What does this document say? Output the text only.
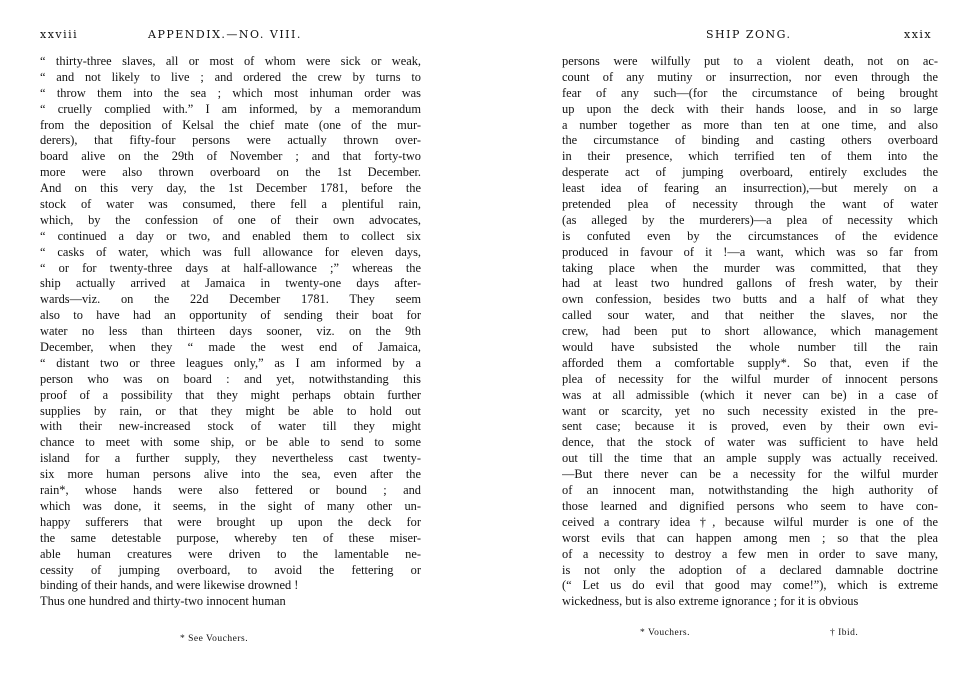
xxviii	APPENDIX.—NO. VIII.
“ thirty-three slaves, all or most of whom were sick or weak,
“ and not likely to live ; and ordered the crew by turns to
“ throw them into the sea ; which most inhuman order was
“ cruelly complied with.” I am informed, by a memorandum
from the deposition of Kelsal the chief mate (one of the mur-
derers), that fifty-four persons were actually thrown over-
board alive on the 29th of November ; and that forty-two
more were also thrown overboard on the 1st December.
And on this very day, the 1st December 1781, before the
stock of water was consumed, there fell a plentiful rain,
which, by the confession of one of their own advocates,
“ continued a day or two, and enabled them to collect six
“ casks of water, which was full allowance for eleven days,
“ or for twenty-three days at half-allowance ;” whereas the
ship actually arrived at Jamaica in twenty-one days after-
wards—viz. on the 22d December 1781. They seem
also to have had an opportunity of sending their boat for
water no less than thirteen days sooner, viz. on the 9th
December, when they “ made the west end of Jamaica,
“ distant two or three leagues only,” as I am informed by a
person who was on board : and yet, notwithstanding this
proof of a possibility that they might perhaps obtain further
supplies by rain, or that they might be able to hold out
with their new-increased stock of water till they might
chance to meet with some ship, or be able to send to some
island for a further supply, they nevertheless cast twenty-
six more human persons alive into the sea, even after the
rain*, whose hands were also fettered or bound ; and
which was done, it seems, in the sight of many other un-
happy sufferers that were brought up upon the deck for
the same detestable purpose, whereby ten of these miser-
able human creatures were driven to the lamentable ne-
cessity of jumping overboard, to avoid the fettering or
binding of their hands, and were likewise drowned !
Thus one hundred and thirty-two innocent human
* See Vouchers.
SHIP ZONG.	xxix
persons were wilfully put to a violent death, not on ac-
count of any mutiny or insurrection, nor even through the
fear of any such—(for the circumstance of being brought
up upon the deck with their hands loose, and in so large
a number together as more than ten at one time, and also
the circumstance of binding and casting others overboard
in their presence, which terrified ten of them into the
desperate act of jumping overboard, entirely excludes the
least idea of fearing an insurrection),—but merely on a
pretended plea of necessity through the want of water
(as alleged by the murderers)—a plea of necessity which
is confuted even by the circumstances of the evidence
produced in favour of it !—a want, which was so far from
taking place when the murder was committed, that they
had at least two hundred gallons of fresh water, by their
own confession, besides two butts and a half of what they
called sour water, and that neither the slaves, nor the
crew, had been put to short allowance, which management
would have subsisted the whole number till the rain
afforded them a comfortable supply*. So that, even if the
plea of necessity for the wilful murder of innocent persons
was at all admissible (which it never can be) in a case of
want or scarcity, yet no such necessity existed in the pre-
sent case; because it is proved, even by their own evi-
dence, that the stock of water was sufficient to have held
out till the time that an ample supply was actually received.
—But there never can be a necessity for the wilful murder
of an innocent man, notwithstanding the high authority of
those learned and dignified persons who seem to have con-
ceived a contrary idea †, because wilful murder is one of the
worst evils that can happen among men ; so that the plea
of a necessity to destroy a few men in order to save many,
is not only the adoption of a declared damnable doctrine
(“ Let us do evil that good may come!”), which is extreme
wickedness, but is also extreme ignorance ; for it is obvious
* Vouchers.	† Ibid.
